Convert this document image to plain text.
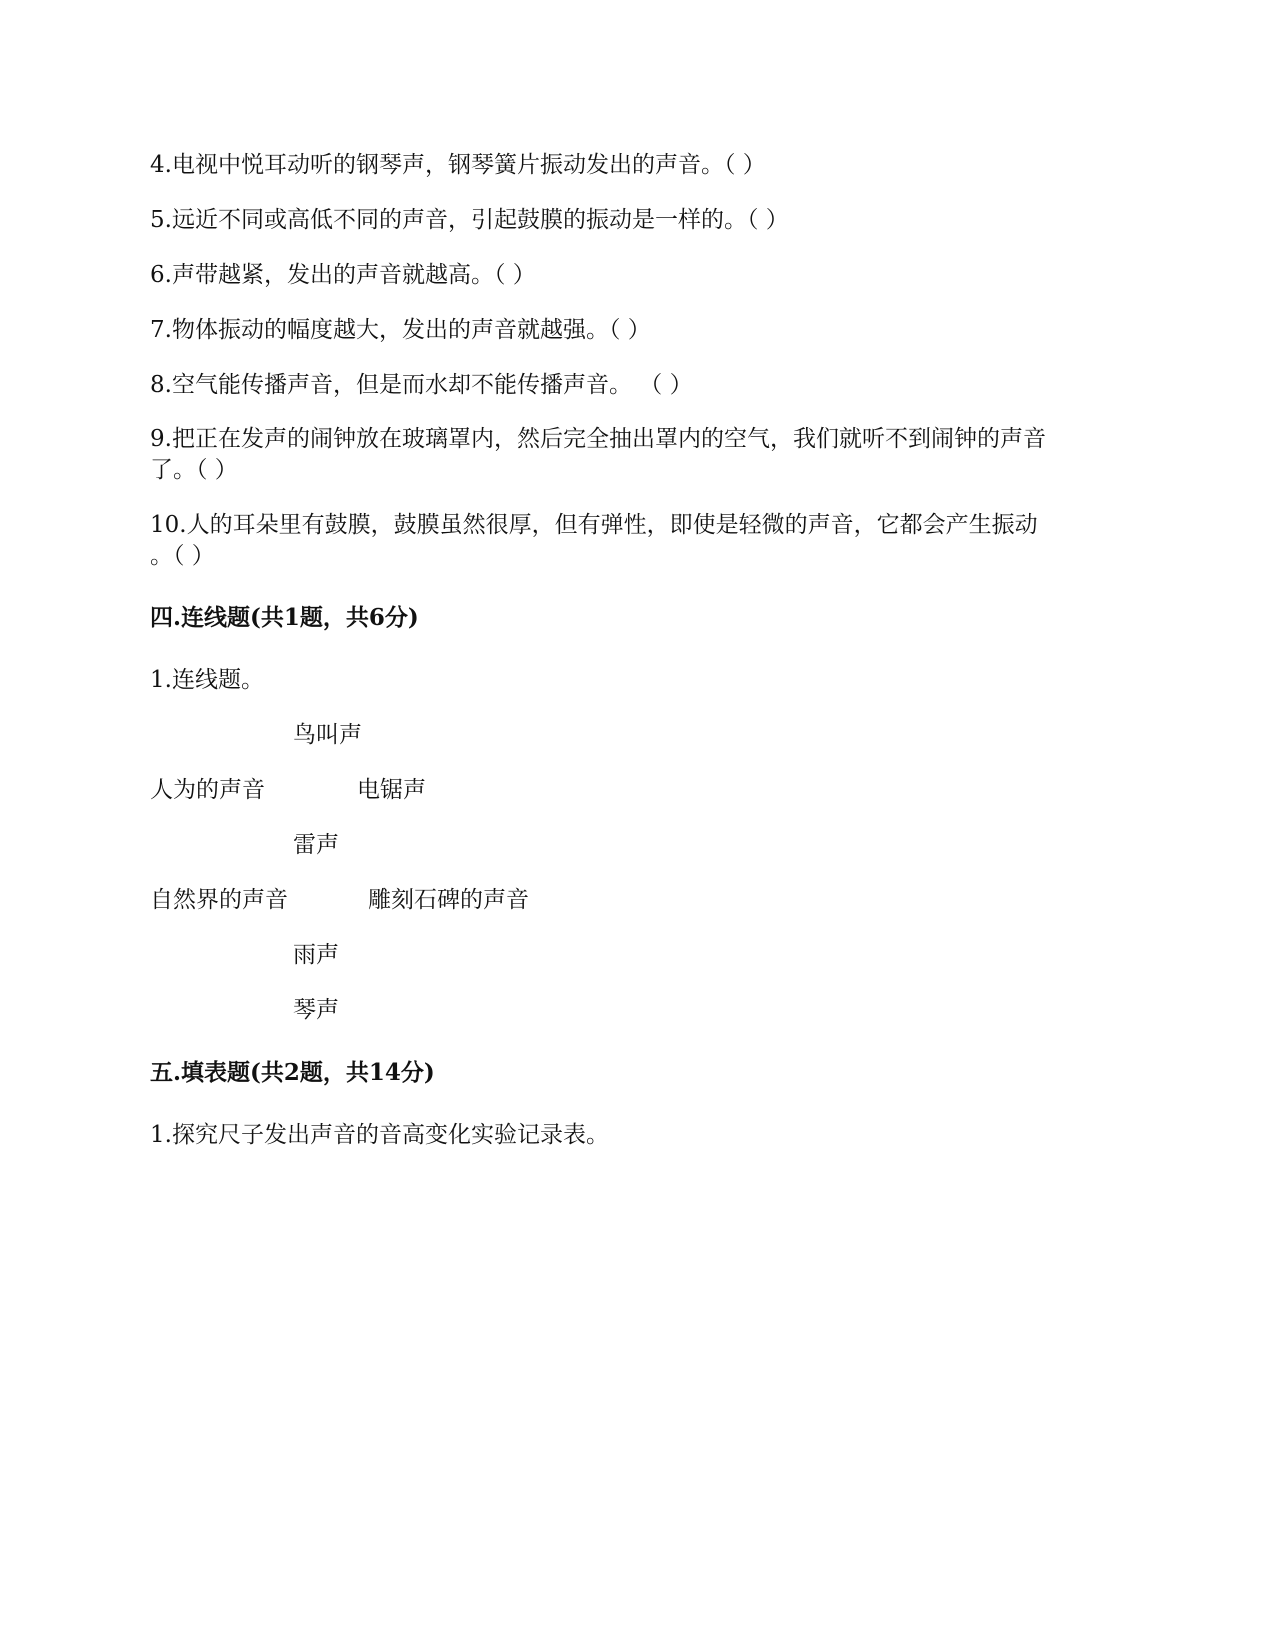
4.电视中悦耳动听的钢琴声，钢琴簧片振动发出的声音。（ ）
5.远近不同或高低不同的声音，引起鼓膜的振动是一样的。（ ）
6.声带越紧，发出的声音就越高。（ ）
7.物体振动的幅度越大，发出的声音就越强。（ ）
8.空气能传播声音，但是而水却不能传播声音。 （ ）
9.把正在发声的闹钟放在玻璃罩内，然后完全抽出罩内的空气，我们就听不到闹钟的声音
了。（ ）
10.人的耳朵里有鼓膜，鼓膜虽然很厚，但有弹性，即使是轻微的声音，它都会产生振动
。（ ）
四.连线题(共1题，共6分)
1.连线题。
鸟叫声
人为的声音	电锯声
雷声
自然界的声音	雕刻石碑的声音
雨声
琴声
五.填表题(共2题，共14分)
1.探究尺子发出声音的音高变化实验记录表。
